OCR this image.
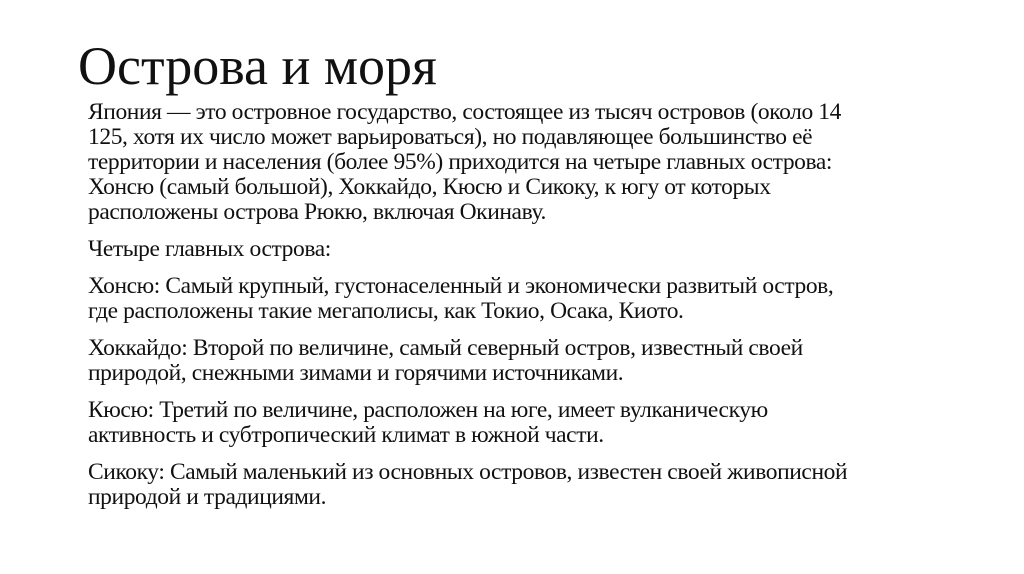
Острова и моря
Япония — это островное государство, состоящее из тысяч островов (около 14
125, хотя их число может варьироваться), но подавляющее большинство её
территории и населения (более 95%) приходится на четыре главных острова:
Хонсю (самый большой), Хоккайдо, Кюсю и Сикоку, к югу от которых
расположены острова Рюкю, включая Окинаву.
Четыре главных острова:
Хонсю: Самый крупный, густонаселенный и экономически развитый остров,
где расположены такие мегаполисы, как Токио, Осака, Киото.
Хоккайдо: Второй по величине, самый северный остров, известный своей
природой, снежными зимами и горячими источниками.
Кюсю: Третий по величине, расположен на юге, имеет вулканическую
активность и субтропический климат в южной части.
Сикоку: Самый маленький из основных островов, известен своей живописной
природой и традициями.
